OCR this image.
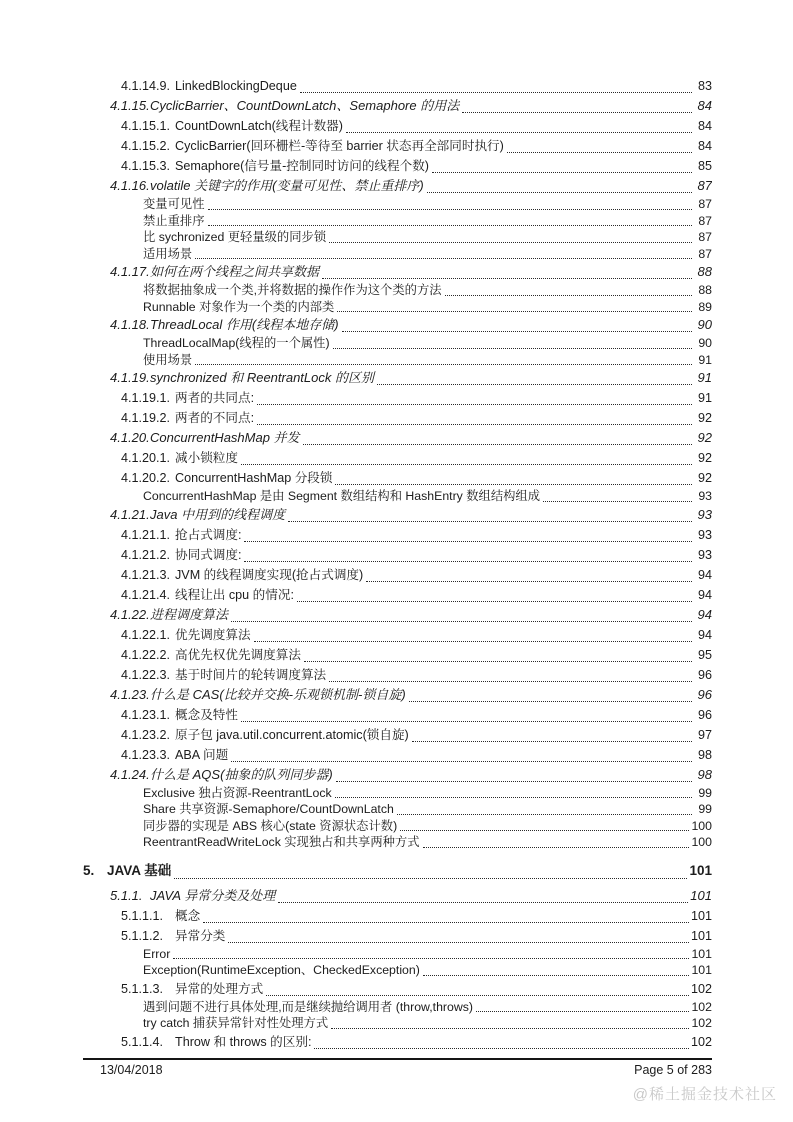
4.1.14.9. LinkedBlockingDeque	83
4.1.15. CyclicBarrier、CountDownLatch、Semaphore 的用法	84
4.1.15.1. CountDownLatch(线程计数器)	84
4.1.15.2. CyclicBarrier(回环栅栏-等待至 barrier 状态再全部同时执行)	84
4.1.15.3. Semaphore(信号量-控制同时访问的线程个数)	85
4.1.16. volatile 关键字的作用(变量可见性、禁止重排序)	87
变量可见性	87
禁止重排序	87
比 sychronized 更轻量级的同步锁	87
适用场景	87
4.1.17. 如何在两个线程之间共享数据	88
将数据抽象成一个类,并将数据的操作作为这个类的方法	88
Runnable 对象作为一个类的内部类	89
4.1.18. ThreadLocal 作用(线程本地存储)	90
ThreadLocalMap(线程的一个属性)	90
使用场景	91
4.1.19. synchronized 和 ReentrantLock 的区别	91
4.1.19.1. 两者的共同点:	91
4.1.19.2. 两者的不同点:	92
4.1.20. ConcurrentHashMap 并发	92
4.1.20.1. 减小锁粒度	92
4.1.20.2. ConcurrentHashMap 分段锁	92
ConcurrentHashMap 是由 Segment 数组结构和 HashEntry 数组结构组成	93
4.1.21. Java 中用到的线程调度	93
4.1.21.1. 抢占式调度:	93
4.1.21.2. 协同式调度:	93
4.1.21.3. JVM 的线程调度实现(抢占式调度)	94
4.1.21.4. 线程让出 cpu 的情况:	94
4.1.22. 进程调度算法	94
4.1.22.1. 优先调度算法	94
4.1.22.2. 高优先权优先调度算法	95
4.1.22.3. 基于时间片的轮转调度算法	96
4.1.23. 什么是 CAS(比较并交换-乐观锁机制-锁自旋)	96
4.1.23.1. 概念及特性	96
4.1.23.2. 原子包 java.util.concurrent.atomic(锁自旋)	97
4.1.23.3. ABA 问题	98
4.1.24. 什么是 AQS(抽象的队列同步器)	98
Exclusive 独占资源-ReentrantLock	99
Share 共享资源-Semaphore/CountDownLatch	99
同步器的实现是 ABS 核心(state 资源状态计数)	100
ReentrantReadWriteLock 实现独占和共享两种方式	100
5. JAVA 基础	101
5.1.1. JAVA 异常分类及处理	101
5.1.1.1. 概念	101
5.1.1.2. 异常分类	101
Error	101
Exception(RuntimeException、CheckedException)	101
5.1.1.3. 异常的处理方式	102
遇到问题不进行具体处理,而是继续抛给调用者 (throw,throws)	102
try catch 捕获异常针对性处理方式	102
5.1.1.4. Throw 和 throws 的区别:	102
13/04/2018	Page 5 of 283
@稀土掘金技术社区
